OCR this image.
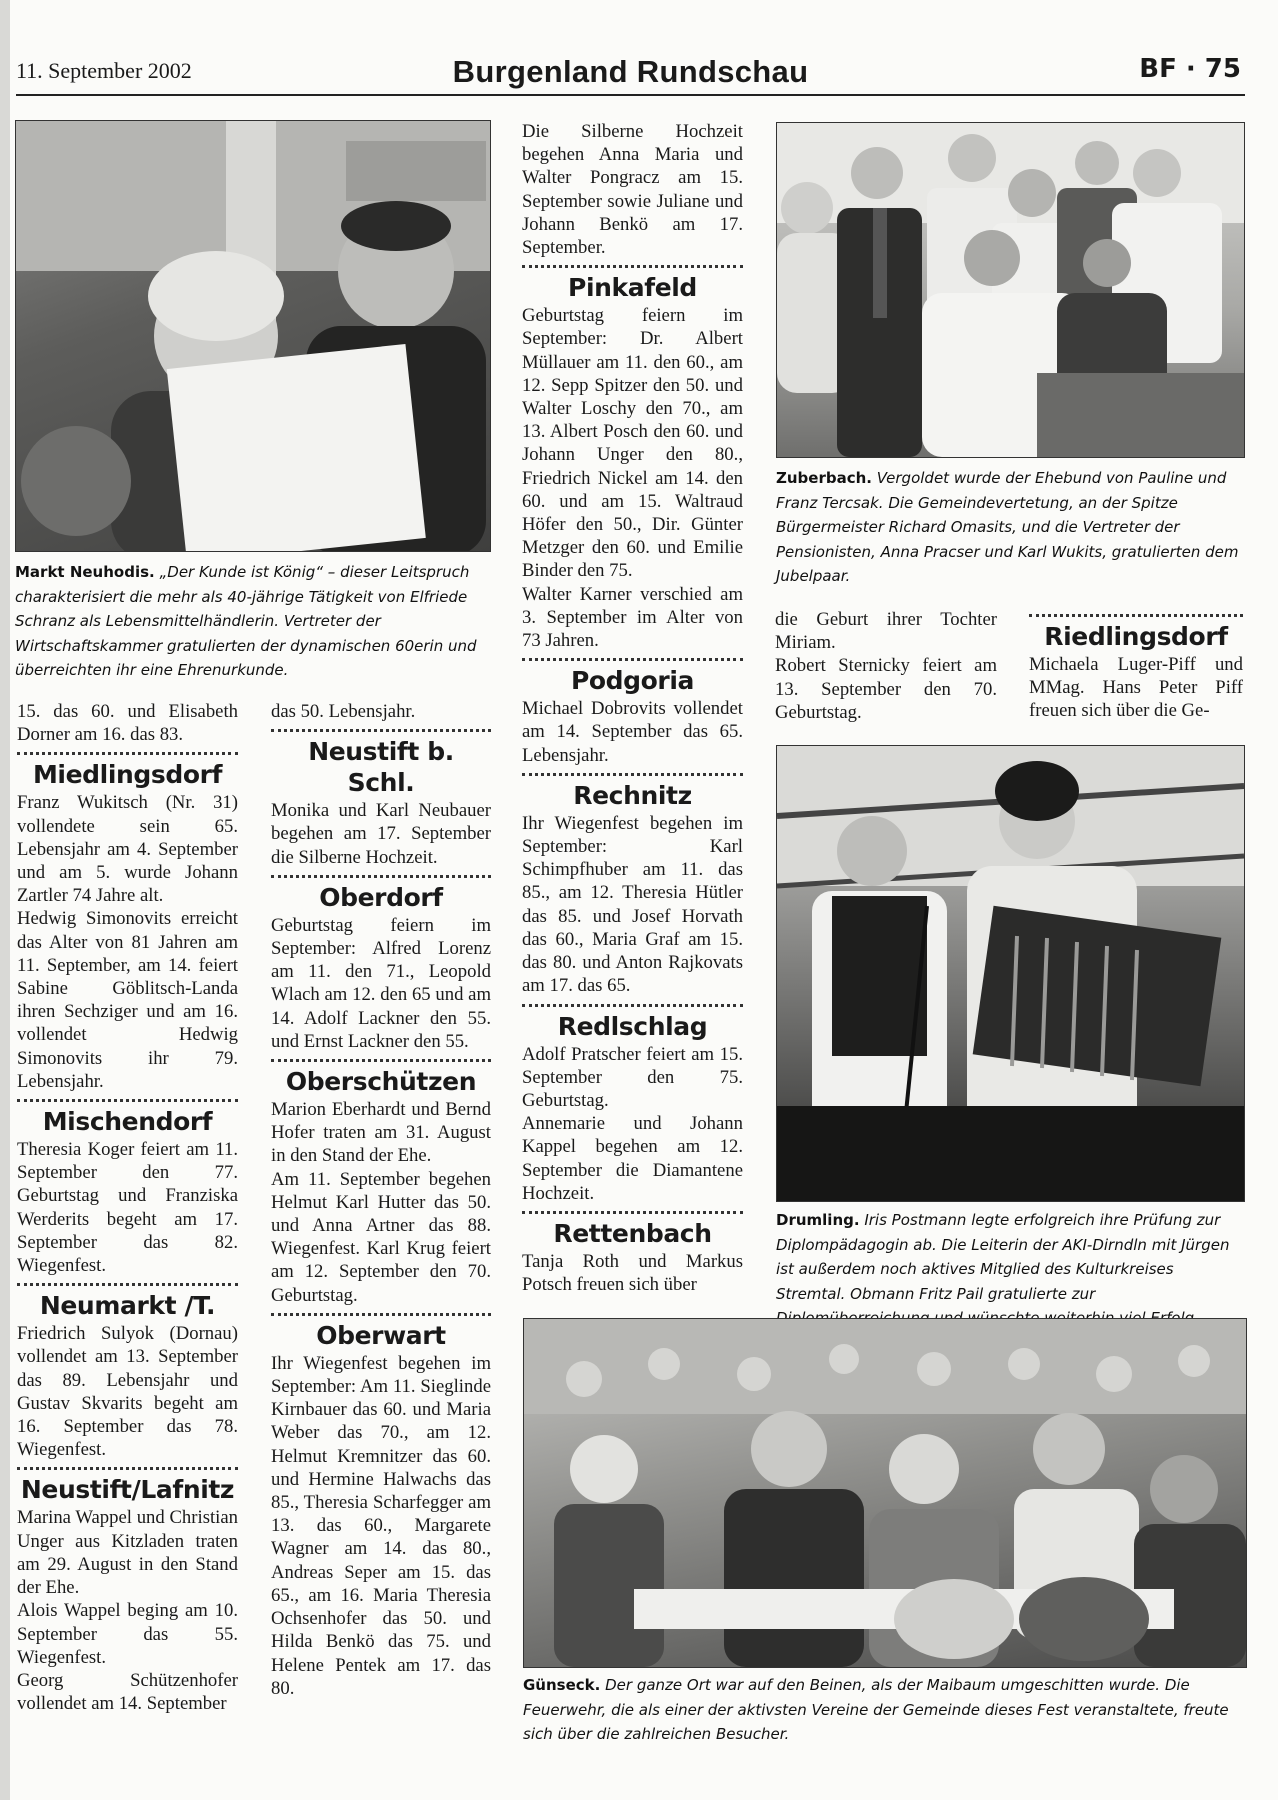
11. September 2002	Burgenland Rundschau	BF · 75
Markt Neuhodis. „Der Kunde ist König“ – dieser Leitspruch charakterisiert die mehr als 40-jährige Tätigkeit von Elfriede Schranz als Lebensmittelhändlerin. Vertreter der Wirtschaftskammer gratulierten der dynamischen 60erin und überreichten ihr eine Ehrenurkunde.
Zuberbach. Vergoldet wurde der Ehebund von Pauline und Franz Tercsak. Die Gemeindevertetung, an der Spitze Bürgermeister Richard Omasits, und die Vertreter der Pensionisten, Anna Pracser und Karl Wukits, gratulierten dem Jubelpaar.
Drumling. Iris Postmann legte erfolgreich ihre Prüfung zur Diplompädagogin ab. Die Leiterin der AKI-Dirndln mit Jürgen ist außerdem noch aktives Mitglied des Kulturkreises Stremtal. Obmann Fritz Pail gratulierte zur
Günseck. Der ganze Ort war auf den Beinen, als der Maibaum umgeschitten wurde. Die Feuerwehr, die als einer der aktivsten Vereine der Gemeinde dieses Fest veranstaltete, freute sich über die zahlreichen Besucher.

15. das 60. und Elisabeth Dorner am 16. das 83.

Miedlingsdorf

Franz Wukitsch (Nr. 31) vollendete sein 65. Lebensjahr am 4. September und am 5. wurde Johann Zartler 74 Jahre alt.

Hedwig Simonovits erreicht das Alter von 81 Jahren am 11. September, am 14. feiert Sabine Göblitsch-Landa ihren Sechziger und am 16. vollendet Hedwig Simonovits ihr 79. Lebensjahr.

Mischendorf

Theresia Koger feiert am 11. September den 77. Geburtstag und Franziska Werderits begeht am 17. September das 82. Wiegenfest.

Neumarkt /T.

Friedrich Sulyok (Dornau) vollendet am 13. September das 89. Lebensjahr und Gustav Skvarits begeht am 16. September das 78. Wiegenfest.

Neustift/Lafnitz

Marina Wappel und Christian Unger aus Kitzladen traten am 29. August in den Stand der Ehe.

Alois Wappel beging am 10. September das 55. Wiegenfest.

Georg Schützenhofer vollendet am 14. September

das 50. Lebensjahr.

Neustift b. Schl.

Monika und Karl Neubauer begehen am 17. September die Silberne Hochzeit.

Oberdorf

Geburtstag feiern im September: Alfred Lorenz am 11. den 71., Leopold Wlach am 12. den 65 und am 14. Adolf Lackner den 55. und Ernst Lackner den 55.

Oberschützen

Marion Eberhardt und Bernd Hofer traten am 31. August in den Stand der Ehe.

Am 11. September begehen Helmut Karl Hutter das 50. und Anna Artner das 88. Wiegenfest. Karl Krug feiert am 12. September den 70. Geburtstag.

Oberwart

Ihr Wiegenfest begehen im September: Am 11. Sieglinde Kirnbauer das 60. und Maria Weber das 70., am 12. Helmut Kremnitzer das 60. und Hermine Halwachs das 85., Theresia Scharfegger am 13. das 60., Margarete Wagner am 14. das 80., Andreas Seper am 15. das 65., am 16. Maria Theresia Ochsenhofer das 50. und Hilda Benkö das 75. und Helene Pentek am 17. das 80.

Die Silberne Hochzeit begehen Anna Maria und Walter Pongracz am 15. September sowie Juliane und Johann Benkö am 17. September.

Pinkafeld

Geburtstag feiern im September: Dr. Albert Müllauer am 11. den 60., am 12. Sepp Spitzer den 50. und Walter Loschy den 70., am 13. Albert Posch den 60. und Johann Unger den 80., Friedrich Nickel am 14. den 60. und am 15. Waltraud Höfer den 50., Dir. Günter Metzger den 60. und Emilie Binder den 75.

Walter Karner verschied am 3. September im Alter von 73 Jahren.

Podgoria

Michael Dobrovits vollendet am 14. September das 65. Lebensjahr.

Rechnitz

Ihr Wiegenfest begehen im September: Karl Schimpfhuber am 11. das 85., am 12. Theresia Hütler das 85. und Josef Horvath das 60., Maria Graf am 15. das 80. und Anton Rajkovats am 17. das 65.

Redlschlag

Adolf Pratscher feiert am 15. September den 75. Geburtstag.

Annemarie und Johann Kappel begehen am 12. September die Diamantene Hochzeit.

Rettenbach

Tanja Roth und Markus Potsch freuen sich über

die Geburt ihrer Tochter Miriam.

Robert Sternicky feiert am 13. September den 70. Geburtstag.

Riedlingsdorf

Michaela Luger-Piff und MMag. Hans Peter Piff freuen sich über die Ge-
